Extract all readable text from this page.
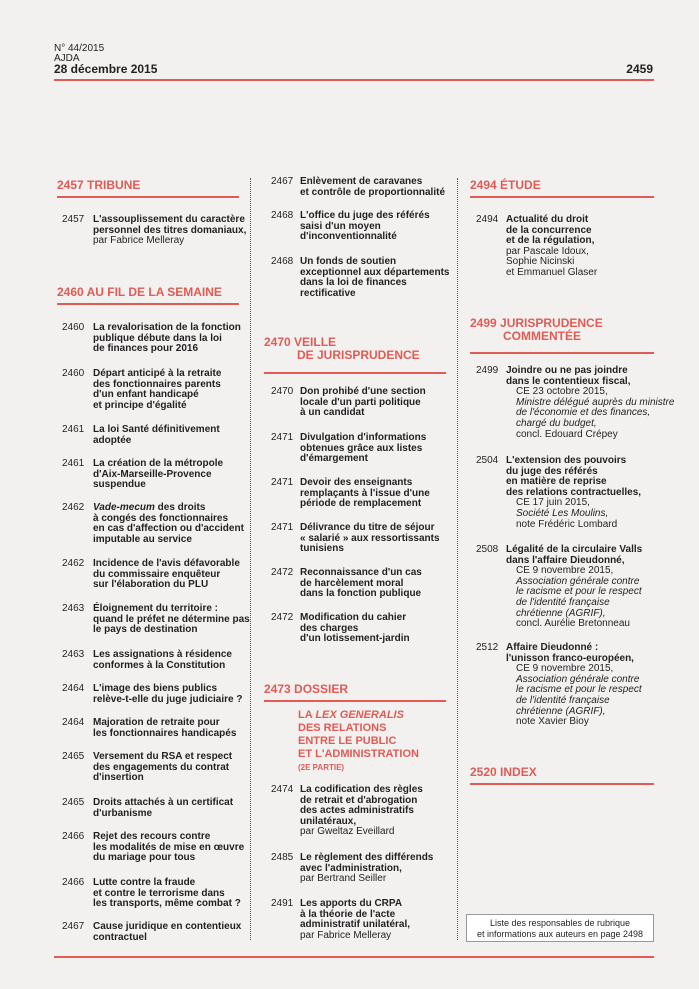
N° 44/2015
AJDA
28 décembre 2015	2459
2457 TRIBUNE
2457 L'assouplissement du caractère
personnel des titres domaniaux,
par Fabrice Melleray
2460 AU FIL DE LA SEMAINE
2460 La revalorisation de la fonction
publique débute dans la loi
de finances pour 2016
2460 Départ anticipé à la retraite
des fonctionnaires parents
d'un enfant handicapé
et principe d'égalité
2461 La loi Santé définitivement
adoptée
2461 La création de la métropole
d'Aix-Marseille-Provence
suspendue
2462 Vade-mecum des droits
à congés des fonctionnaires
en cas d'affection ou d'accident
imputable au service
2462 Incidence de l'avis défavorable
du commissaire enquêteur
sur l'élaboration du PLU
2463 Éloignement du territoire :
quand le préfet ne détermine pas
le pays de destination
2463 Les assignations à résidence
conformes à la Constitution
2464 L'image des biens publics
relève-t-elle du juge judiciaire ?
2464 Majoration de retraite pour
les fonctionnaires handicapés
2465 Versement du RSA et respect
des engagements du contrat
d'insertion
2465 Droits attachés à un certificat
d'urbanisme
2466 Rejet des recours contre
les modalités de mise en œuvre
du mariage pour tous
2466 Lutte contre la fraude
et contre le terrorisme dans
les transports, même combat ?
2467 Cause juridique en contentieux
contractuel
2467 Enlèvement de caravanes
et contrôle de proportionnalité
2468 L'office du juge des référés
saisi d'un moyen
d'inconventionnalité
2468 Un fonds de soutien
exceptionnel aux départements
dans la loi de finances
rectificative
2470 VEILLE
DE JURISPRUDENCE
2470 Don prohibé d'une section
locale d'un parti politique
à un candidat
2471 Divulgation d'informations
obtenues grâce aux listes
d'émargement
2471 Devoir des enseignants
remplaçants à l'issue d'une
période de remplacement
2471 Délivrance du titre de séjour
« salarié » aux ressortissants
tunisiens
2472 Reconnaissance d'un cas
de harcèlement moral
dans la fonction publique
2472 Modification du cahier
des charges
d'un lotissement-jardin
2473 DOSSIER
LA LEX GENERALIS
DES RELATIONS
ENTRE LE PUBLIC
ET L'ADMINISTRATION
(2E PARTIE)
2474 La codification des règles
de retrait et d'abrogation
des actes administratifs
unilatéraux,
par Gweltaz Eveillard
2485 Le règlement des différends
avec l'administration,
par Bertrand Seiller
2491 Les apports du CRPA
à la théorie de l'acte
administratif unilatéral,
par Fabrice Melleray
2494 ÉTUDE
2494 Actualité du droit
de la concurrence
et de la régulation,
par Pascale Idoux,
Sophie Nicinski
et Emmanuel Glaser
2499 JURISPRUDENCE
COMMENTÉE
2499 Joindre ou ne pas joindre
dans le contentieux fiscal,
CE 23 octobre 2015,
Ministre délégué auprès du ministre
de l'économie et des finances,
chargé du budget,
concl. Edouard Crépey
2504 L'extension des pouvoirs
du juge des référés
en matière de reprise
des relations contractuelles,
CE 17 juin 2015,
Société Les Moulins,
note Frédéric Lombard
2508 Légalité de la circulaire Valls
dans l'affaire Dieudonné,
CE 9 novembre 2015,
Association générale contre
le racisme et pour le respect
de l'identité française
chrétienne (AGRIF),
concl. Aurélie Bretonneau
2512 Affaire Dieudonné :
l'unisson franco-européen,
CE 9 novembre 2015,
Association générale contre
le racisme et pour le respect
de l'identité française
chrétienne (AGRIF),
note Xavier Bioy
2520 INDEX
Liste des responsables de rubrique
et informations aux auteurs en page 2498
